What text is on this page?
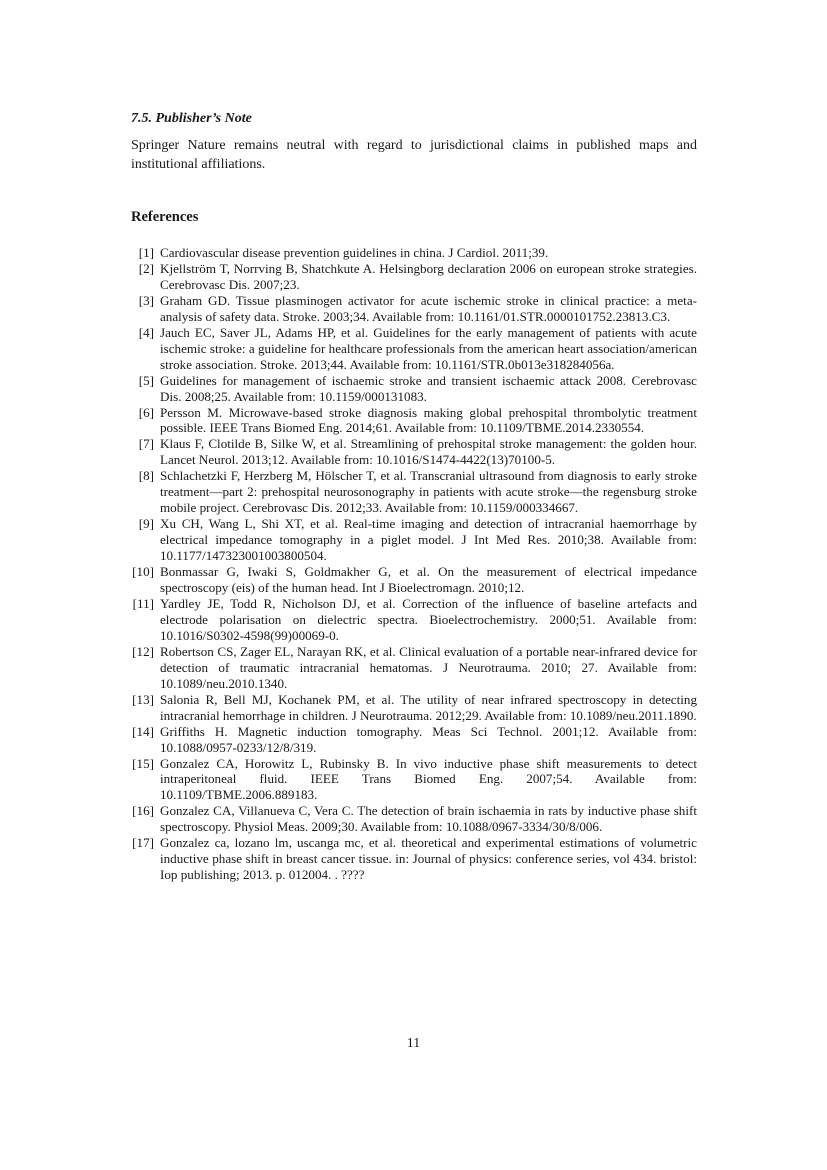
7.5. Publisher’s Note

Springer Nature remains neutral with regard to jurisdictional claims in published maps and institutional affiliations.

References
[1] Cardiovascular disease prevention guidelines in china. J Cardiol. 2011;39.
[2] Kjellström T, Norrving B, Shatchkute A. Helsingborg declaration 2006 on european stroke strategies. Cerebrovasc Dis. 2007;23.
[3] Graham GD. Tissue plasminogen activator for acute ischemic stroke in clinical practice: a meta-analysis of safety data. Stroke. 2003;34. Available from: 10.1161/01.STR.0000101752.23813.C3.
[4] Jauch EC, Saver JL, Adams HP, et al. Guidelines for the early management of patients with acute ischemic stroke: a guideline for healthcare professionals from the american heart association/american stroke association. Stroke. 2013;44. Available from: 10.1161/STR.0b013e318284056a.
[5] Guidelines for management of ischaemic stroke and transient ischaemic attack 2008. Cerebrovasc Dis. 2008;25. Available from: 10.1159/000131083.
[6] Persson M. Microwave-based stroke diagnosis making global prehospital thrombolytic treatment possible. IEEE Trans Biomed Eng. 2014;61. Available from: 10.1109/TBME.2014.2330554.
[7] Klaus F, Clotilde B, Silke W, et al. Streamlining of prehospital stroke management: the golden hour. Lancet Neurol. 2013;12. Available from: 10.1016/S1474-4422(13)70100-5.
[8] Schlachetzki F, Herzberg M, Hölscher T, et al. Transcranial ultrasound from diagnosis to early stroke treatment—part 2: prehospital neurosonography in patients with acute stroke—the regensburg stroke mobile project. Cerebrovasc Dis. 2012;33. Available from: 10.1159/000334667.
[9] Xu CH, Wang L, Shi XT, et al. Real-time imaging and detection of intracranial haemorrhage by electrical impedance tomography in a piglet model. J Int Med Res. 2010;38. Available from: 10.1177/147323001003800504.
[10] Bonmassar G, Iwaki S, Goldmakher G, et al. On the measurement of electrical impedance spectroscopy (eis) of the human head. Int J Bioelectromagn. 2010;12.
[11] Yardley JE, Todd R, Nicholson DJ, et al. Correction of the influence of baseline artefacts and electrode polarisation on dielectric spectra. Bioelectrochemistry. 2000;51. Available from: 10.1016/S0302-4598(99)00069-0.
[12] Robertson CS, Zager EL, Narayan RK, et al. Clinical evaluation of a portable near-infrared device for detection of traumatic intracranial hematomas. J Neurotrauma. 2010; 27. Available from: 10.1089/neu.2010.1340.
[13] Salonia R, Bell MJ, Kochanek PM, et al. The utility of near infrared spectroscopy in detecting intracranial hemorrhage in children. J Neurotrauma. 2012;29. Available from: 10.1089/neu.2011.1890.
[14] Griffiths H. Magnetic induction tomography. Meas Sci Technol. 2001;12. Available from: 10.1088/0957-0233/12/8/319.
[15] Gonzalez CA, Horowitz L, Rubinsky B. In vivo inductive phase shift measurements to detect intraperitoneal fluid. IEEE Trans Biomed Eng. 2007;54. Available from: 10.1109/TBME.2006.889183.
[16] Gonzalez CA, Villanueva C, Vera C. The detection of brain ischaemia in rats by inductive phase shift spectroscopy. Physiol Meas. 2009;30. Available from: 10.1088/0967-3334/30/8/006.
[17] Gonzalez ca, lozano lm, uscanga mc, et al. theoretical and experimental estimations of volumetric inductive phase shift in breast cancer tissue. in: Journal of physics: conference series, vol 434. bristol: Iop publishing; 2013. p. 012004. . ????
11
